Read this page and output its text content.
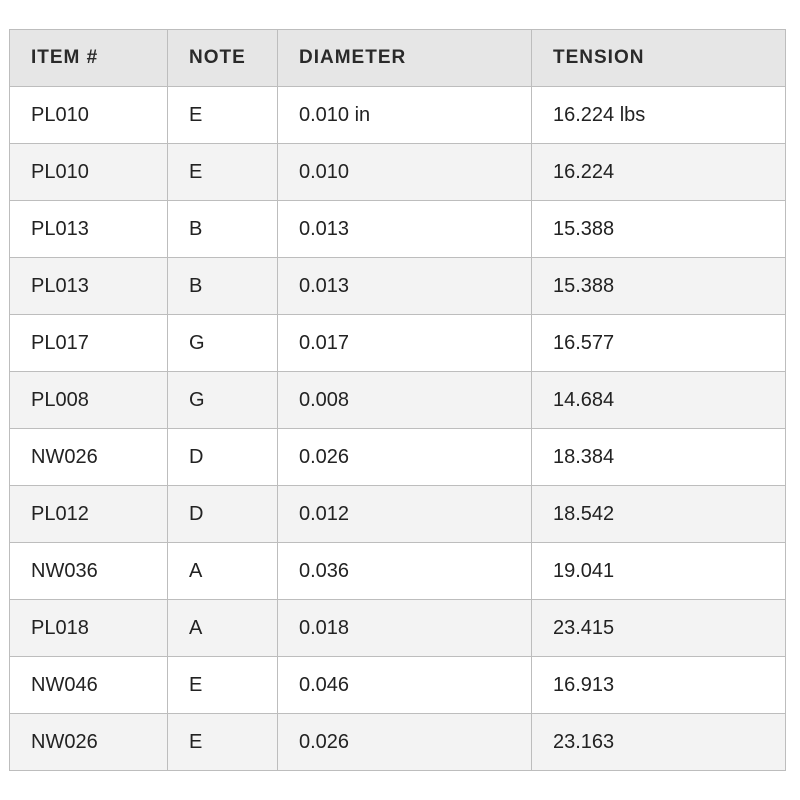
ITEM #	NOTE	DIAMETER	TENSION
PL010	E	0.010 in	16.224 lbs
PL010	E	0.010	16.224
PL013	B	0.013	15.388
PL013	B	0.013	15.388
PL017	G	0.017	16.577
PL008	G	0.008	14.684
NW026	D	0.026	18.384
PL012	D	0.012	18.542
NW036	A	0.036	19.041
PL018	A	0.018	23.415
NW046	E	0.046	16.913
NW026	E	0.026	23.163
